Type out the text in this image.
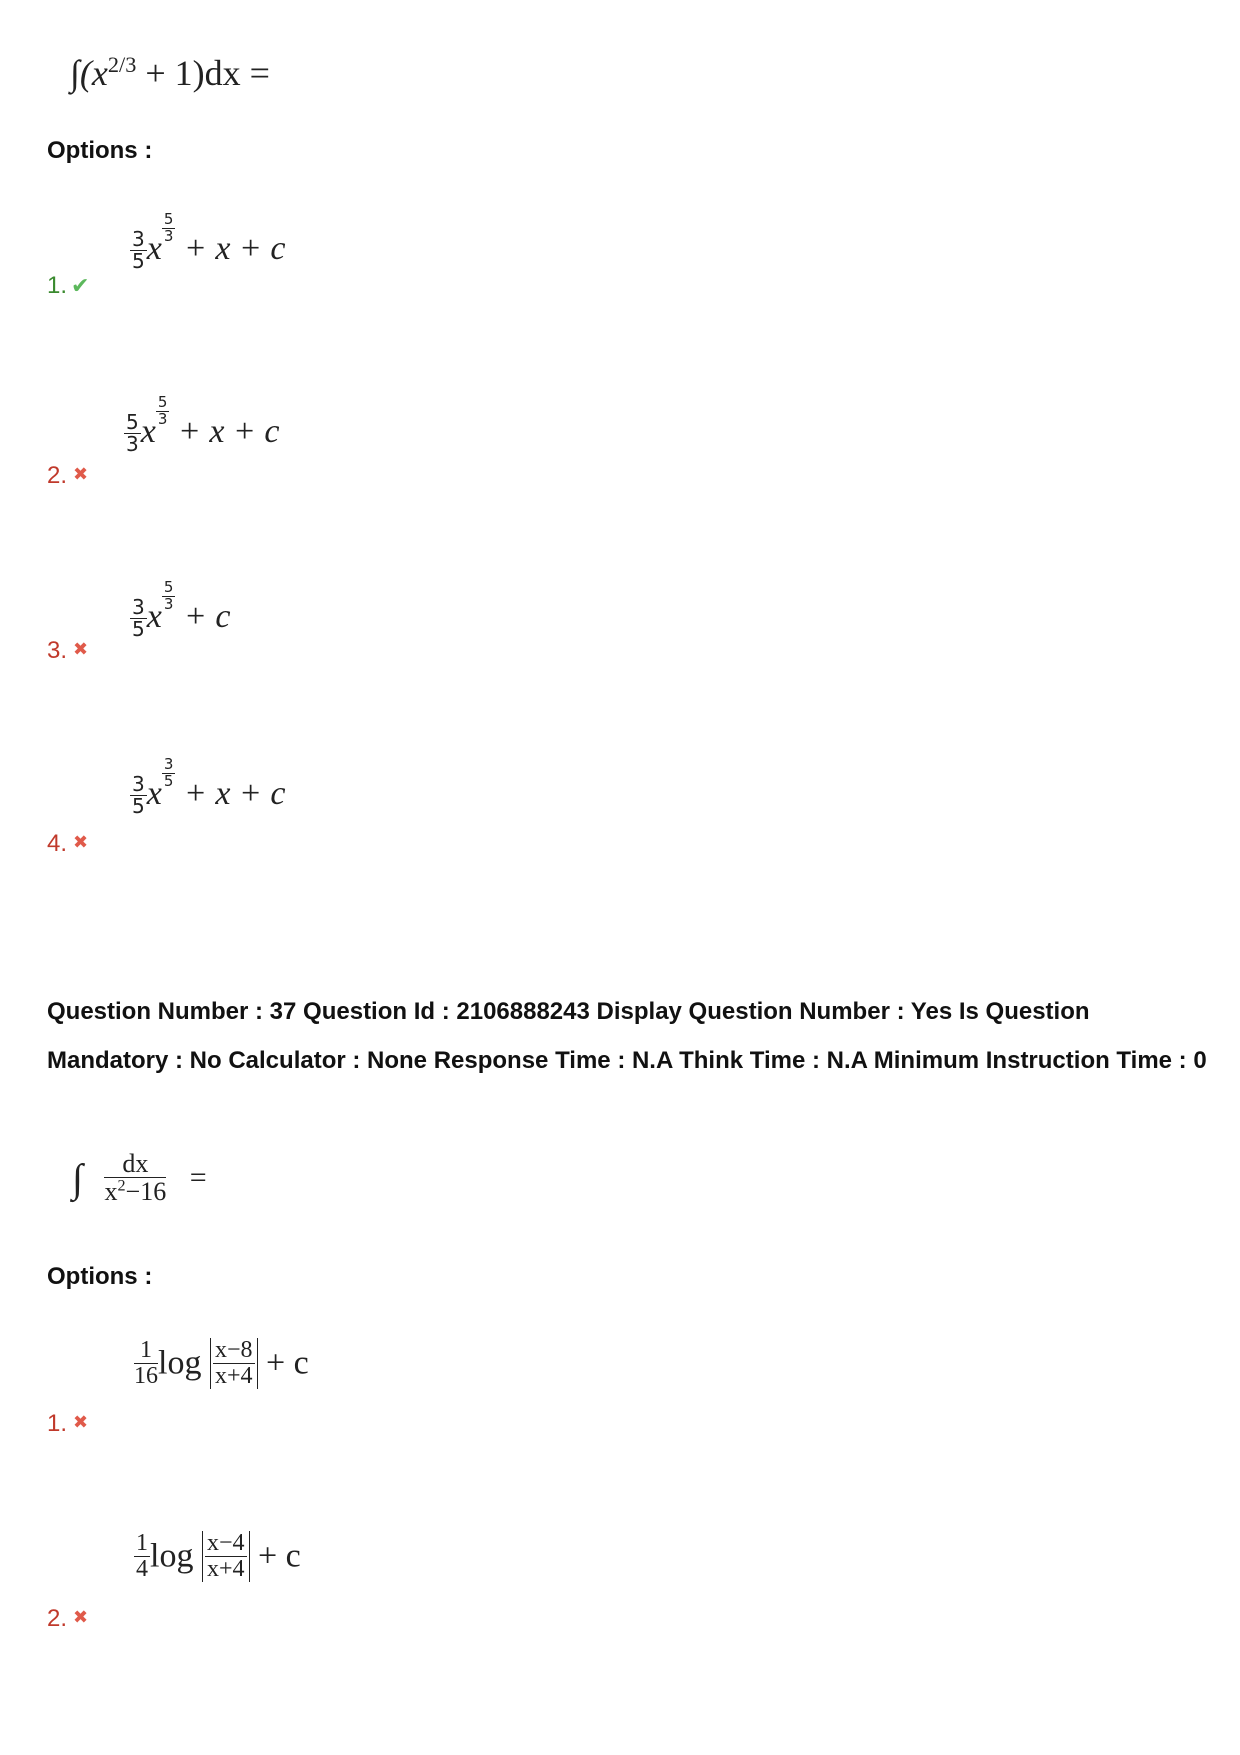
$\int(x^{2/3} + 1)dx$ =
Options :
$\frac{3}{5}$ x
$\frac{5}{3}$
+ x + c
1. ✔
$\frac{5}{3}$ x
$\frac{5}{3}$
+ x + c
2. ✖
$\frac{3}{5}$ x
$\frac{5}{3}$
+ c
3. ✖
$\frac{3}{5}$ x
$\frac{3}{5}$
+ x + c
4. ✖
Question Number : 37 Question Id : 2106888243 Display Question Number : Yes Is Question Mandatory : No Calculator : None Response Time : N.A Think Time : N.A Minimum Instruction Time : 0
∫ $\frac{dx}{x^2-16}$ =
Options :
$\frac{1}{16}$ $\log \frac{x-8}{x+4} + c$
1. ✖
$\frac{1}{4}$ $\log \frac{x-4}{x+4} + c$
2. ✖
